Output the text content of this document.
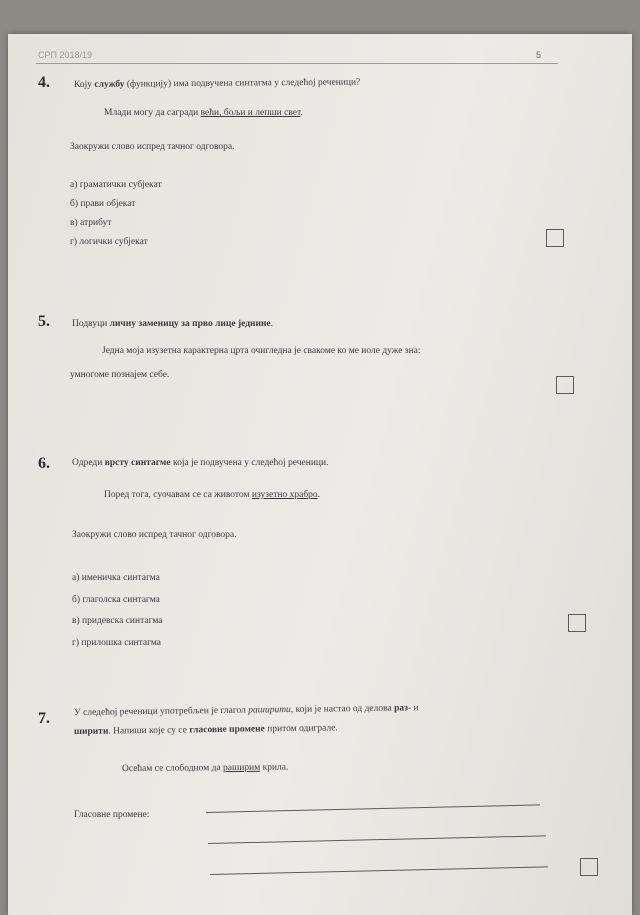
СРП 2018/19	5
4.	Коју службу (функцију) има подвучена синтагма у следећој реченици?
Млади могу да сагради већи, бољи и лепши свет.
Заокружи слово испред тачног одговора.
а) граматички субјекат
б) прави објекат
в) атрибут
г) логички субјекат
5. Подвуци личну заменицу за прво лице једнине.
Једна моја изузетна карактерна црта очигледна је свакоме ко ме иоле дуже зна:
умногоме познајем себе.
6. Одреди врсту синтагме која је подвучена у следећој реченици.
Поред тога, суочавам се са животом изузетно храбро.
Заокружи слово испред тачног одговора.
а) именичка синтагма
б) глаголска синтагма
в) придевска синтагма
г) прилошка синтагма
7.	У следећој реченици употребљен је глагол раширити, који је настао од делова раз- и
ширити. Напиши које су се гласовне промене притом одиграле.
Осећам се слободном да раширим крила.
Гласовне промене:
